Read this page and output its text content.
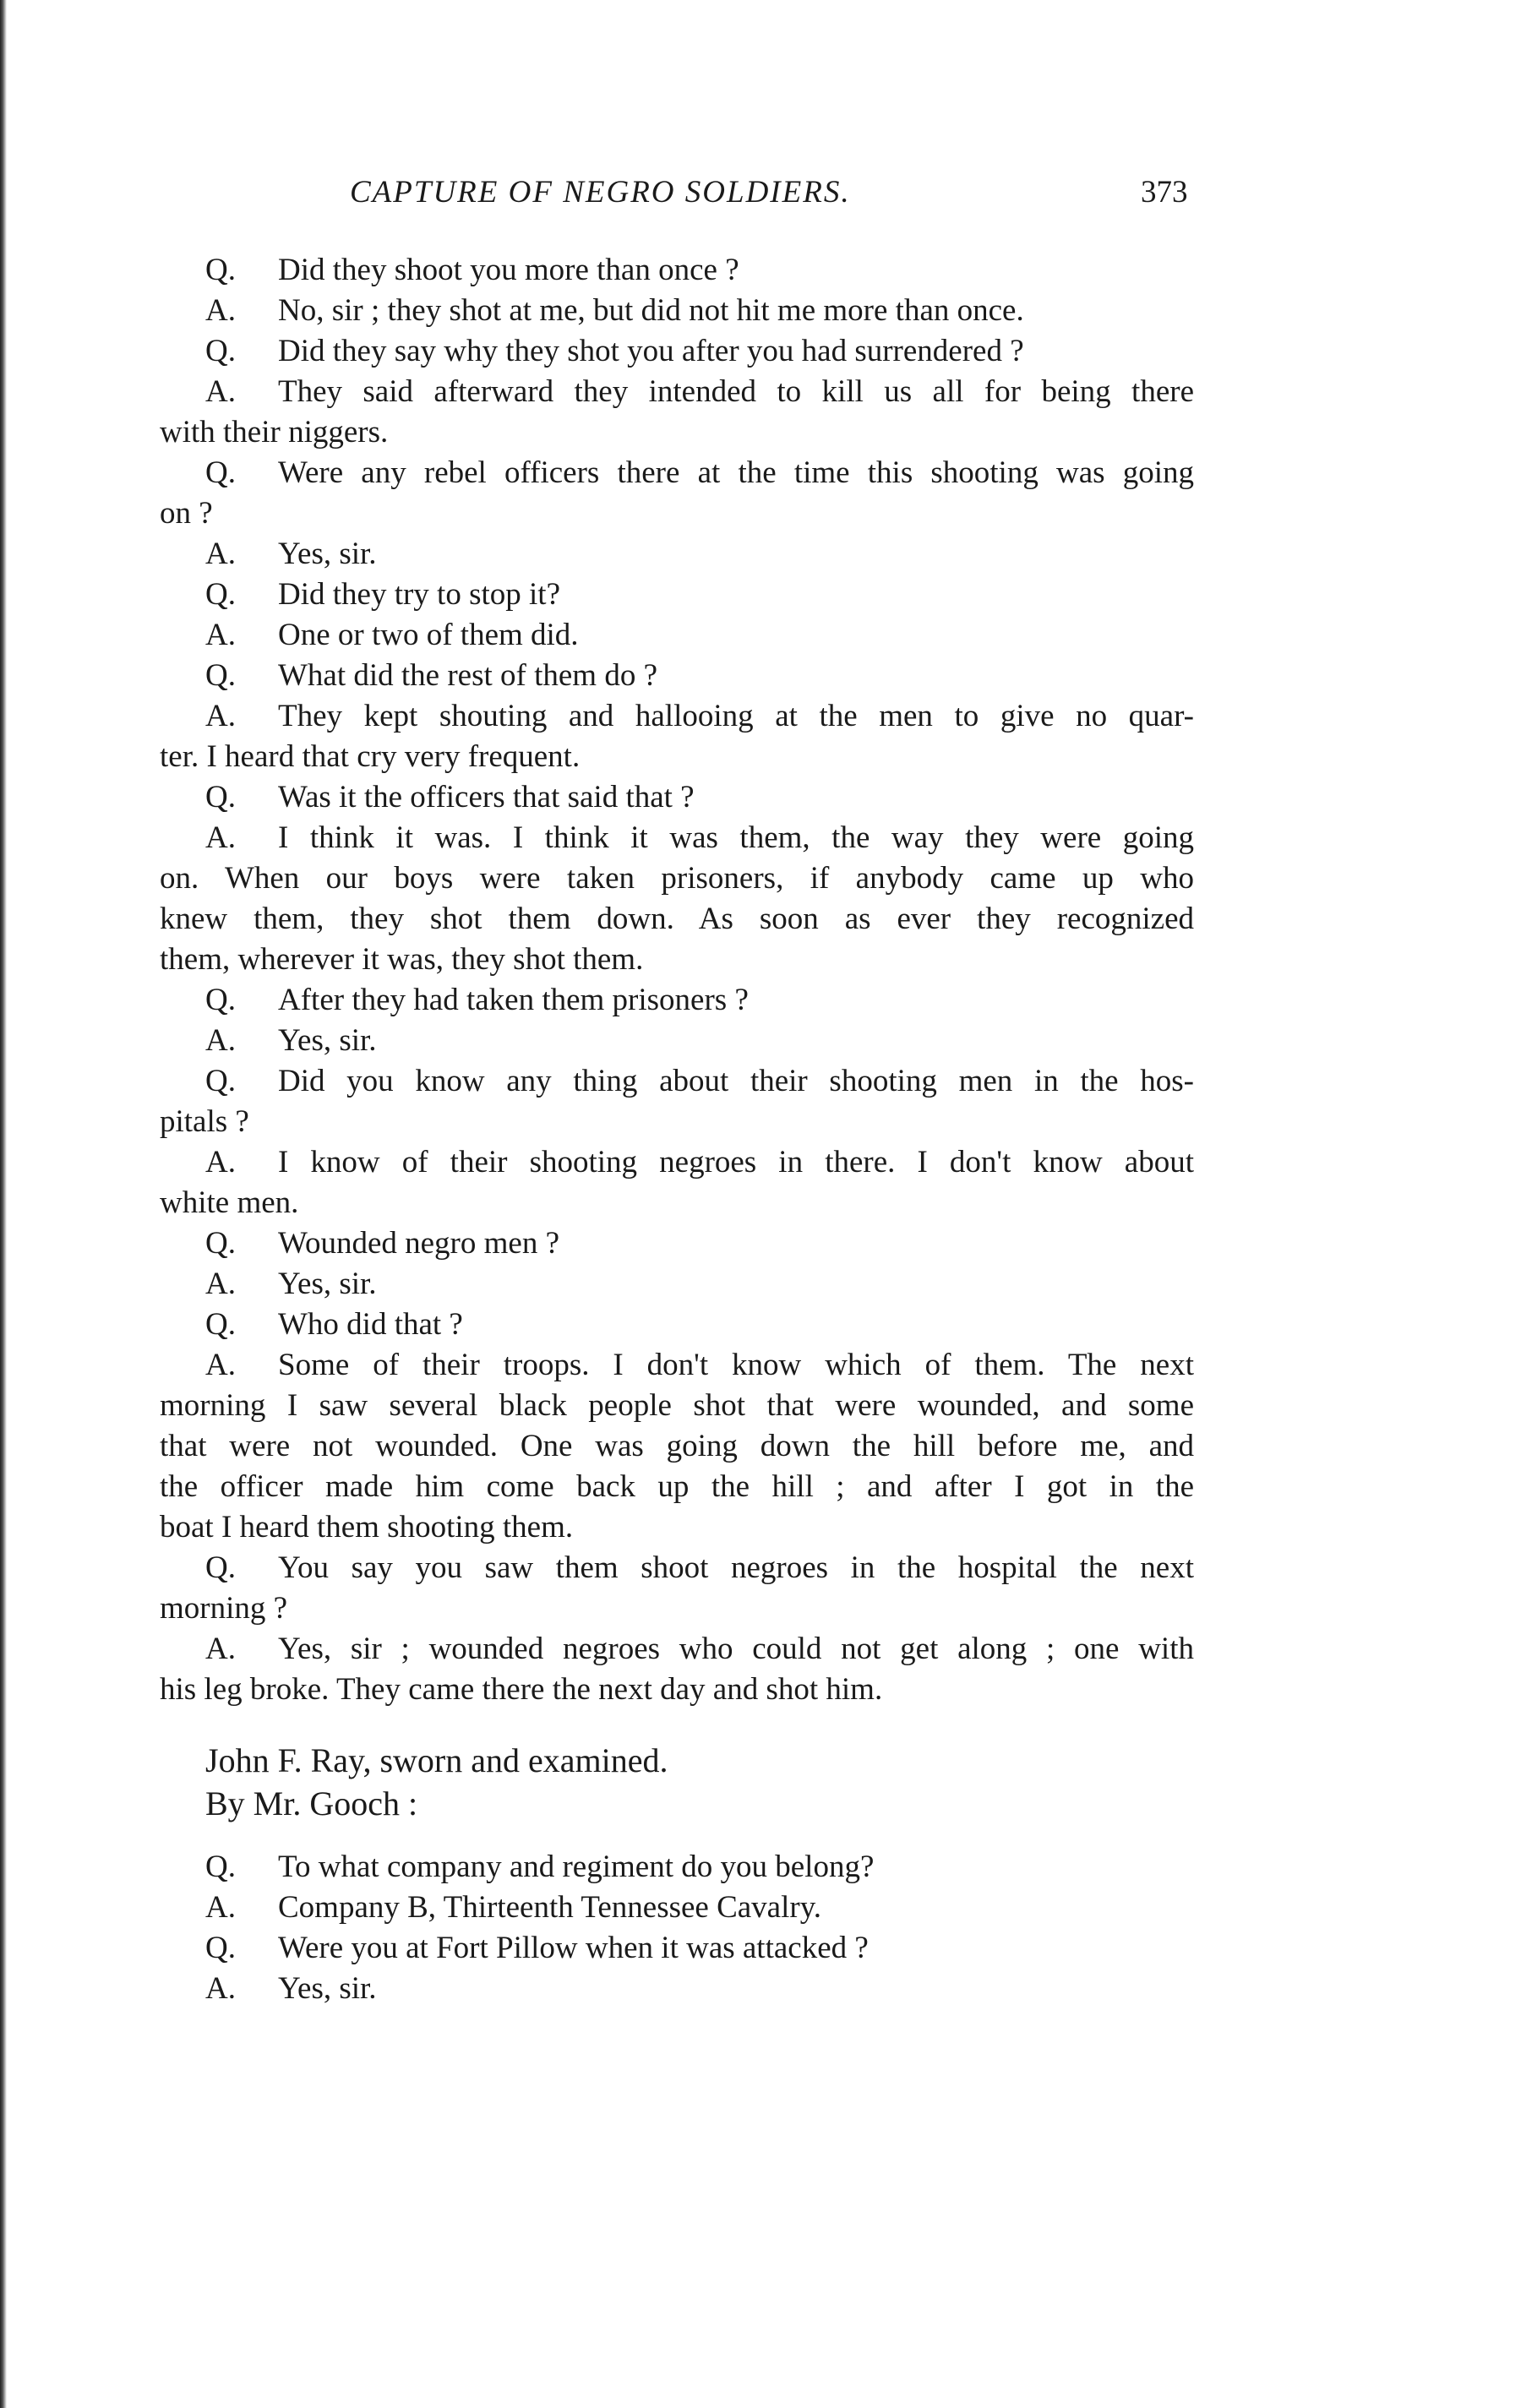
CAPTURE OF NEGRO SOLDIERS.	373
Q. Did they shoot you more than once ?
A. No, sir ; they shot at me, but did not hit me more than once.
Q. Did they say why they shot you after you had surrendered ?
A. They said afterward they intended to kill us all for being there
with their niggers.
Q. Were any rebel officers there at the time this shooting was going
on ?
A. Yes, sir.
Q. Did they try to stop it?
A. One or two of them did.
Q. What did the rest of them do ?
A. They kept shouting and hallooing at the men to give no quar-
ter. I heard that cry very frequent.
Q. Was it the officers that said that ?
A. I think it was. I think it was them, the way they were going
on. When our boys were taken prisoners, if anybody came up who
knew them, they shot them down. As soon as ever they recognized
them, wherever it was, they shot them.
Q. After they had taken them prisoners ?
A. Yes, sir.
Q. Did you know any thing about their shooting men in the hos-
pitals ?
A. I know of their shooting negroes in there. I don't know about
white men.
Q. Wounded negro men ?
A. Yes, sir.
Q. Who did that ?
A. Some of their troops. I don't know which of them. The next
morning I saw several black people shot that were wounded, and some
that were not wounded. One was going down the hill before me, and
the officer made him come back up the hill ; and after I got in the
boat I heard them shooting them.
Q. You say you saw them shoot negroes in the hospital the next
morning ?
A. Yes, sir ; wounded negroes who could not get along ; one with
his leg broke. They came there the next day and shot him.
John F. Ray, sworn and examined.
By Mr. Gooch :
Q. To what company and regiment do you belong?
A. Company B, Thirteenth Tennessee Cavalry.
Q. Were you at Fort Pillow when it was attacked ?
A. Yes, sir.
